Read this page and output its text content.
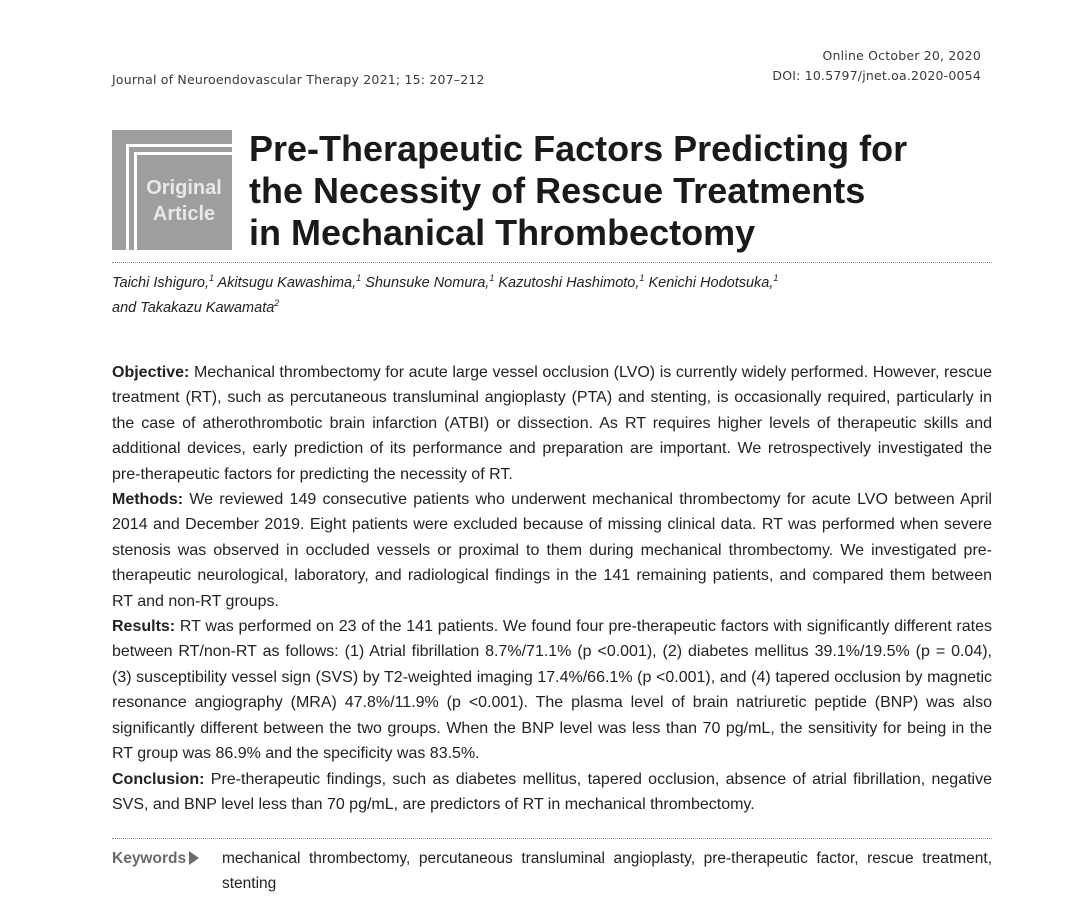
Journal of Neuroendovascular Therapy 2021; 15: 207–212
Online October 20, 2020
DOI: 10.5797/jnet.oa.2020-0054
Original
Article
Pre-Therapeutic Factors Predicting for
the Necessity of Rescue Treatments
in Mechanical Thrombectomy
Taichi Ishiguro,$^1$ Akitsugu Kawashima,$^1$ Shunsuke Nomura,$^1$ Kazutoshi Hashimoto,$^1$ Kenichi Hodotsuka,$^1$
and Takakazu Kawamata$^2$

Objective: Mechanical thrombectomy for acute large vessel occlusion (LVO) is currently widely performed. However, rescue treatment (RT), such as percutaneous transluminal angioplasty (PTA) and stenting, is occasionally required, particularly in the case of atherothrombotic brain infarction (ATBI) or dissection. As RT requires higher levels of therapeutic skills and additional devices, early prediction of its performance and preparation are important. We retrospectively investigated the pre-therapeutic factors for predicting the necessity of RT.

Methods: We reviewed 149 consecutive patients who underwent mechanical thrombectomy for acute LVO between April 2014 and December 2019. Eight patients were excluded because of missing clinical data. RT was performed when severe stenosis was observed in occluded vessels or proximal to them during mechanical thrombectomy. We investigated pre-therapeutic neurological, laboratory, and radiological findings in the 141 remaining patients, and compared them between RT and non-RT groups.

Results: RT was performed on 23 of the 141 patients. We found four pre-therapeutic factors with significantly different rates between RT/non-RT as follows: (1) Atrial fibrillation 8.7%/71.1% (p <0.001), (2) diabetes mellitus 39.1%/19.5% (p = 0.04), (3) susceptibility vessel sign (SVS) by T2-weighted imaging 17.4%/66.1% (p <0.001), and (4) tapered occlusion by magnetic resonance angiography (MRA) 47.8%/11.9% (p <0.001). The plasma level of brain natriuretic peptide (BNP) was also significantly different between the two groups. When the BNP level was less than 70 pg/mL, the sensitivity for being in the RT group was 86.9% and the specificity was 83.5%.

Conclusion: Pre-therapeutic findings, such as diabetes mellitus, tapered occlusion, absence of atrial fibrillation, negative SVS, and BNP level less than 70 pg/mL, are predictors of RT in mechanical thrombectomy.

Keywords	mechanical thrombectomy, percutaneous transluminal angioplasty, pre-therapeutic factor, rescue treatment, stenting
